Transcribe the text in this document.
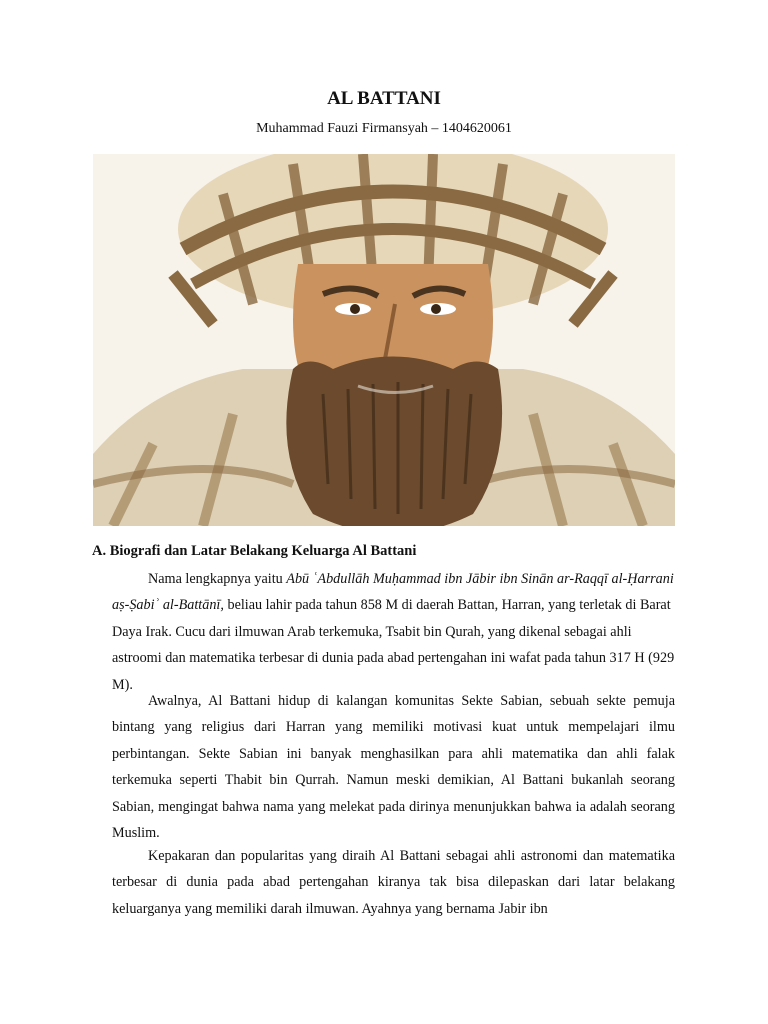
AL BATTANI

Muhammad Fauzi Firmansyah – 1404620061

A. Biografi dan Latar Belakang Keluarga Al Battani

Nama lengkapnya yaitu Abū ʿAbdullāh Muḥammad ibn Jābir ibn Sinān ar-Raqqī al-Ḥarrani aṣ-Ṣabiʾ al-Battānī, beliau lahir pada tahun 858 M di daerah Battan, Harran, yang terletak di Barat Daya Irak. Cucu dari ilmuwan Arab terkemuka, Tsabit bin Qurah, yang dikenal sebagai ahli astroomi dan matematika terbesar di dunia pada abad pertengahan ini wafat pada tahun 317 H (929 M).

Awalnya, Al Battani hidup di kalangan komunitas Sekte Sabian, sebuah sekte pemuja bintang yang religius dari Harran yang memiliki motivasi kuat untuk mempelajari ilmu perbintangan. Sekte Sabian ini banyak menghasilkan para ahli matematika dan ahli falak terkemuka seperti Thabit bin Qurrah. Namun meski demikian, Al Battani bukanlah seorang Sabian, mengingat bahwa nama yang melekat pada dirinya menunjukkan bahwa ia adalah seorang Muslim.

Kepakaran dan popularitas yang diraih Al Battani sebagai ahli astronomi dan matematika terbesar di dunia pada abad pertengahan kiranya tak bisa dilepaskan dari latar belakang keluarganya yang memiliki darah ilmuwan. Ayahnya yang bernama Jabir ibn
